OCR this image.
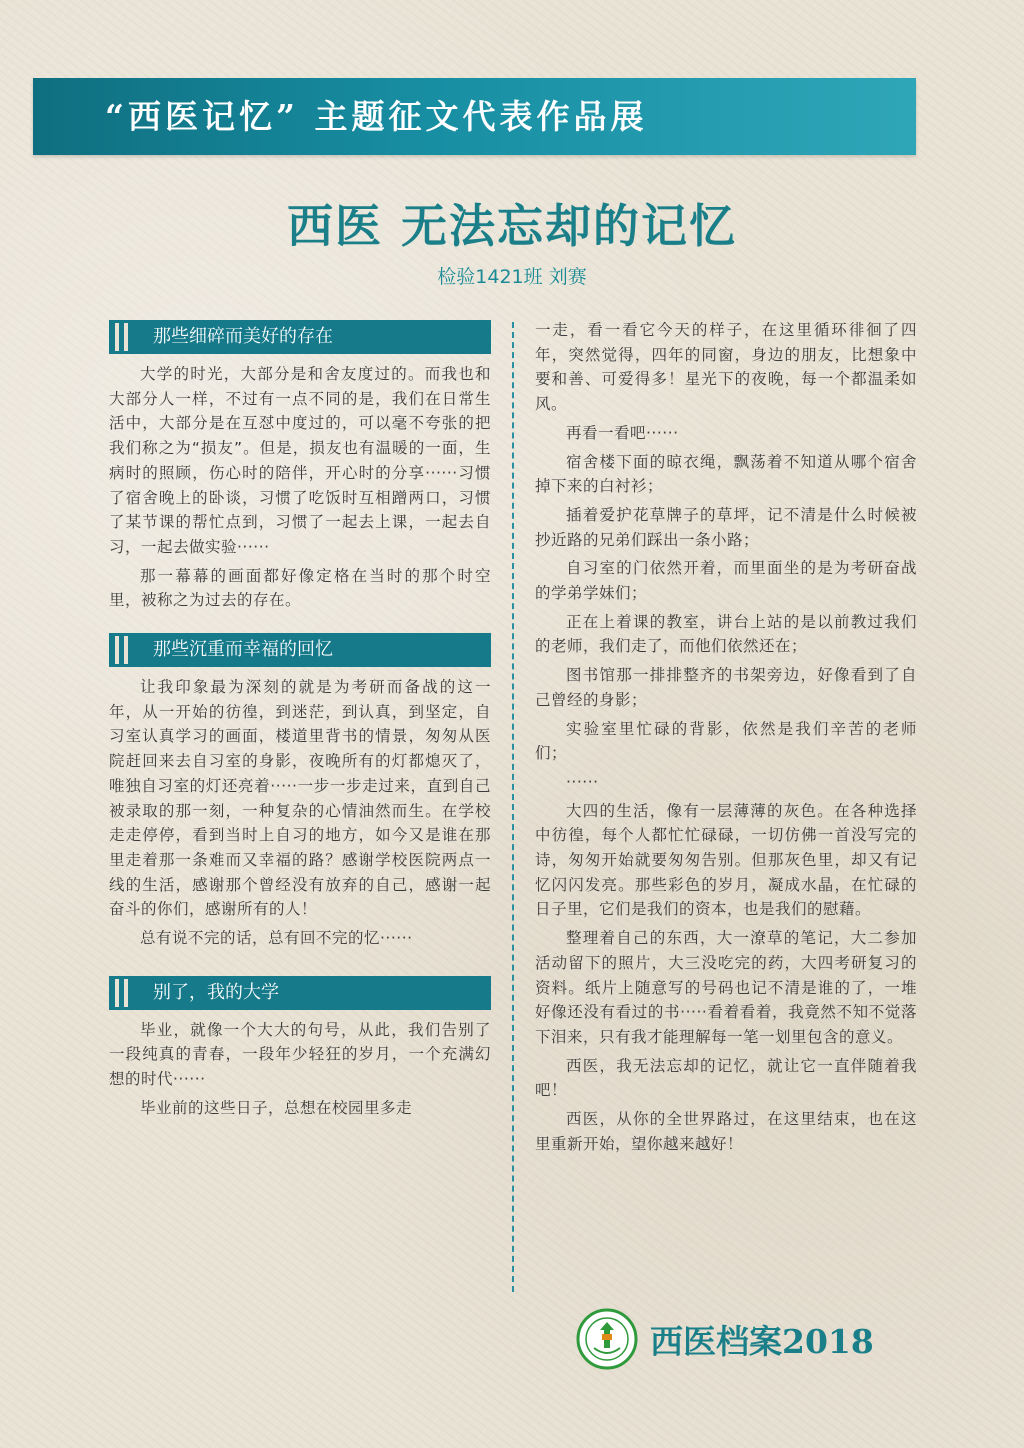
“西医记忆” 主题征文代表作品展
西医 无法忘却的记忆
检验1421班 刘赛
那些细碎而美好的存在

大学的时光，大部分是和舍友度过的。而我也和大部分人一样，不过有一点不同的是，我们在日常生活中，大部分是在互怼中度过的，可以毫不夸张的把我们称之为“损友”。但是，损友也有温暖的一面，生病时的照顾，伤心时的陪伴，开心时的分享······习惯了宿舍晚上的卧谈，习惯了吃饭时互相蹭两口，习惯了某节课的帮忙点到，习惯了一起去上课，一起去自习，一起去做实验······

那一幕幕的画面都好像定格在当时的那个时空里，被称之为过去的存在。

那些沉重而幸福的回忆

让我印象最为深刻的就是为考研而备战的这一年，从一开始的彷徨，到迷茫，到认真，到坚定，自习室认真学习的画面，楼道里背书的情景，匆匆从医院赶回来去自习室的身影，夜晚所有的灯都熄灭了，唯独自习室的灯还亮着·····一步一步走过来，直到自己被录取的那一刻，一种复杂的心情油然而生。在学校走走停停，看到当时上自习的地方，如今又是谁在那里走着那一条难而又幸福的路？感谢学校医院两点一线的生活，感谢那个曾经没有放弃的自己，感谢一起奋斗的你们，感谢所有的人！

总有说不完的话，总有回不完的忆······

别了，我的大学

毕业，就像一个大大的句号，从此，我们告别了一段纯真的青春，一段年少轻狂的岁月，一个充满幻想的时代······

毕业前的这些日子，总想在校园里多走

一走，看一看它今天的样子，在这里循环徘徊了四年，突然觉得，四年的同窗，身边的朋友，比想象中要和善、可爱得多！星光下的夜晚，每一个都温柔如风。

再看一看吧······

宿舍楼下面的晾衣绳，飘荡着不知道从哪个宿舍掉下来的白衬衫；

插着爱护花草牌子的草坪，记不清是什么时候被抄近路的兄弟们踩出一条小路；

自习室的门依然开着，而里面坐的是为考研奋战的学弟学妹们；

正在上着课的教室，讲台上站的是以前教过我们的老师，我们走了，而他们依然还在；

图书馆那一排排整齐的书架旁边，好像看到了自己曾经的身影；

实验室里忙碌的背影，依然是我们辛苦的老师们；

······

大四的生活，像有一层薄薄的灰色。在各种选择中彷徨，每个人都忙忙碌碌，一切仿佛一首没写完的诗，匆匆开始就要匆匆告别。但那灰色里，却又有记忆闪闪发亮。那些彩色的岁月，凝成水晶，在忙碌的日子里，它们是我们的资本，也是我们的慰藉。

整理着自己的东西，大一潦草的笔记，大二参加活动留下的照片，大三没吃完的药，大四考研复习的资料。纸片上随意写的号码也记不清是谁的了，一堆好像还没有看过的书·····看着看着，我竟然不知不觉落下泪来，只有我才能理解每一笔一划里包含的意义。

西医，我无法忘却的记忆，就让它一直伴随着我吧！

西医，从你的全世界路过，在这里结束，也在这里重新开始，望你越来越好！

西医档案2018
